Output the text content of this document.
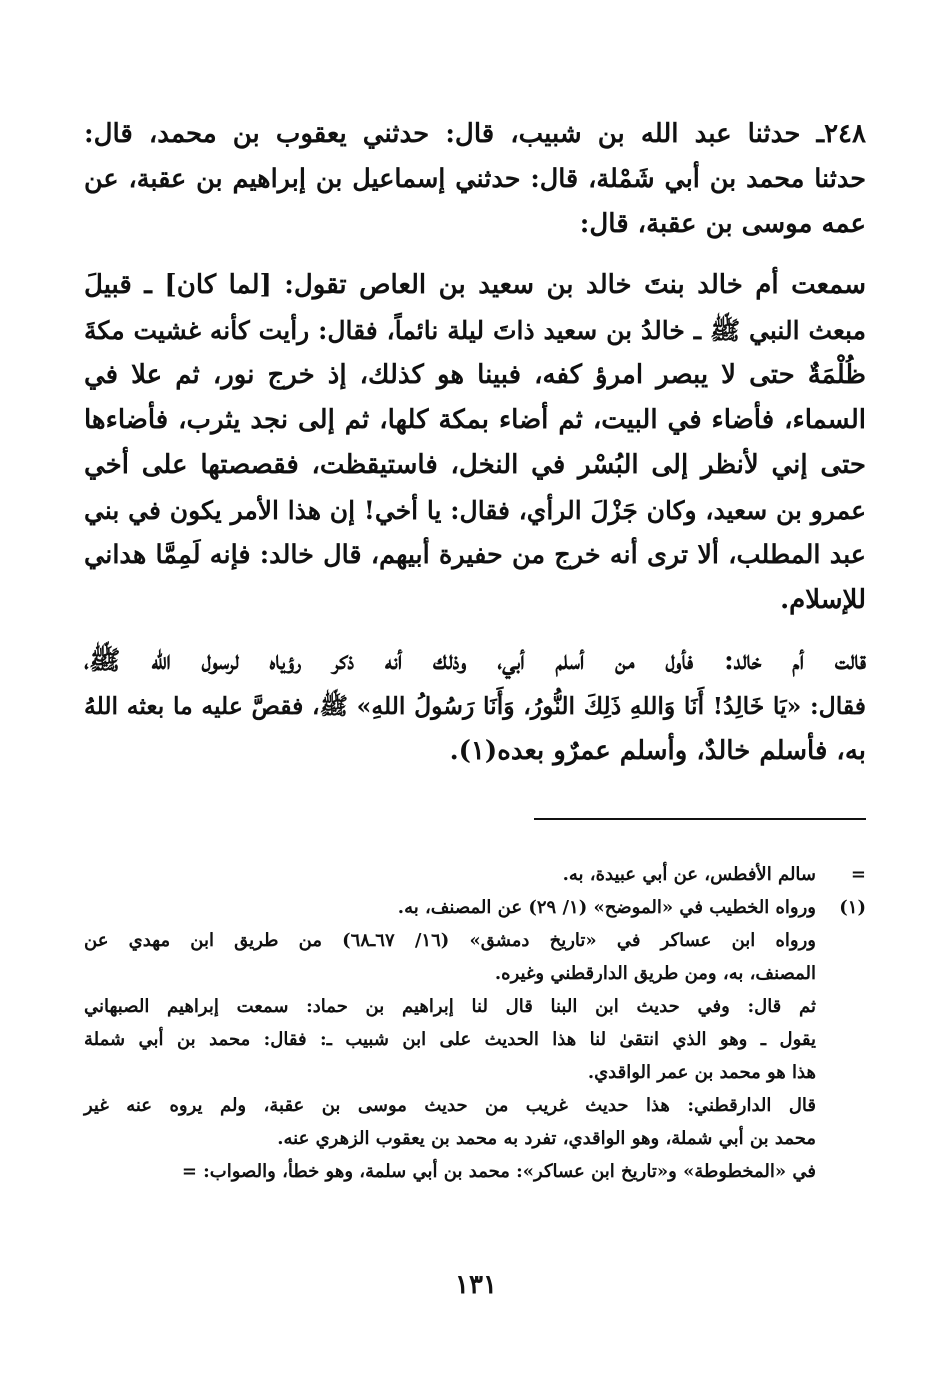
٢٤٨ـ حدثنا عبد الله بن شبيب، قال: حدثني يعقوب بن محمد، قال:
حدثنا محمد بن أبي شَمْلة، قال: حدثني إسماعيل بن إبراهيم بن عقبة، عن
عمه موسى بن عقبة، قال:

سمعت أم خالد بنتَ خالد بن سعيد بن العاص تقول: [لما كان] ـ قبيلَ
مبعث النبي ﷺ ـ خالدُ بن سعيد ذاتَ ليلة نائماً، فقال: رأيت كأنه غشيت مكةَ
ظُلْمَةٌ حتى لا يبصر امرؤ كفه، فبينا هو كذلك، إذ خرج نور، ثم علا في
السماء، فأضاء في البيت، ثم أضاء بمكة كلها، ثم إلى نجد يثرب، فأضاءها
حتى إني لأنظر إلى البُسْر في النخل، فاستيقظت، فقصصتها على أخي
عمرو بن سعيد، وكان جَزْلَ الرأي، فقال: يا أخي! إن هذا الأمر يكون في بني
عبد المطلب، ألا ترى أنه خرج من حفيرة أبيهم، قال خالد: فإنه لَمِمَّا هداني
للإسلام.

قالت أم خالد: فأول من أسلم أبي، وذلك أنه ذكر رؤياه لرسول الله ﷺ،
فقال: «يَا خَالِدُ! أَنَا وَاللهِ ذَلِكَ النُّورُ، وَأَنَا رَسُولُ اللهِ» ﷺ، فقصَّ عليه ما بعثه اللهُ
به، فأسلم خالدٌ، وأسلم عمرٌو بعده(١).

=
سالم الأفطس، عن أبي عبيدة، به.
(١)
ورواه الخطيب في «الموضح» (١/ ٢٩) عن المصنف، به.
ورواه ابن عساكر في «تاريخ دمشق» (١٦/ ٦٧ـ٦٨) من طريق ابن مهدي عن
المصنف، به، ومن طريق الدارقطني وغيره.
ثم قال: وفي حديث ابن البنا قال لنا إبراهيم بن حماد: سمعت إبراهيم الصبهاني
يقول ـ وهو الذي انتقىٰ لنا هذا الحديث على ابن شبيب ـ: فقال: محمد بن أبي شملة
هذا هو محمد بن عمر الواقدي.
قال الدارقطني: هذا حديث غريب من حديث موسى بن عقبة، ولم يروه عنه غير
محمد بن أبي شملة، وهو الواقدي، تفرد به محمد بن يعقوب الزهري عنه.
في «المخطوطة» و«تاريخ ابن عساكر»: محمد بن أبي سلمة، وهو خطأ، والصواب: =
١٣١
